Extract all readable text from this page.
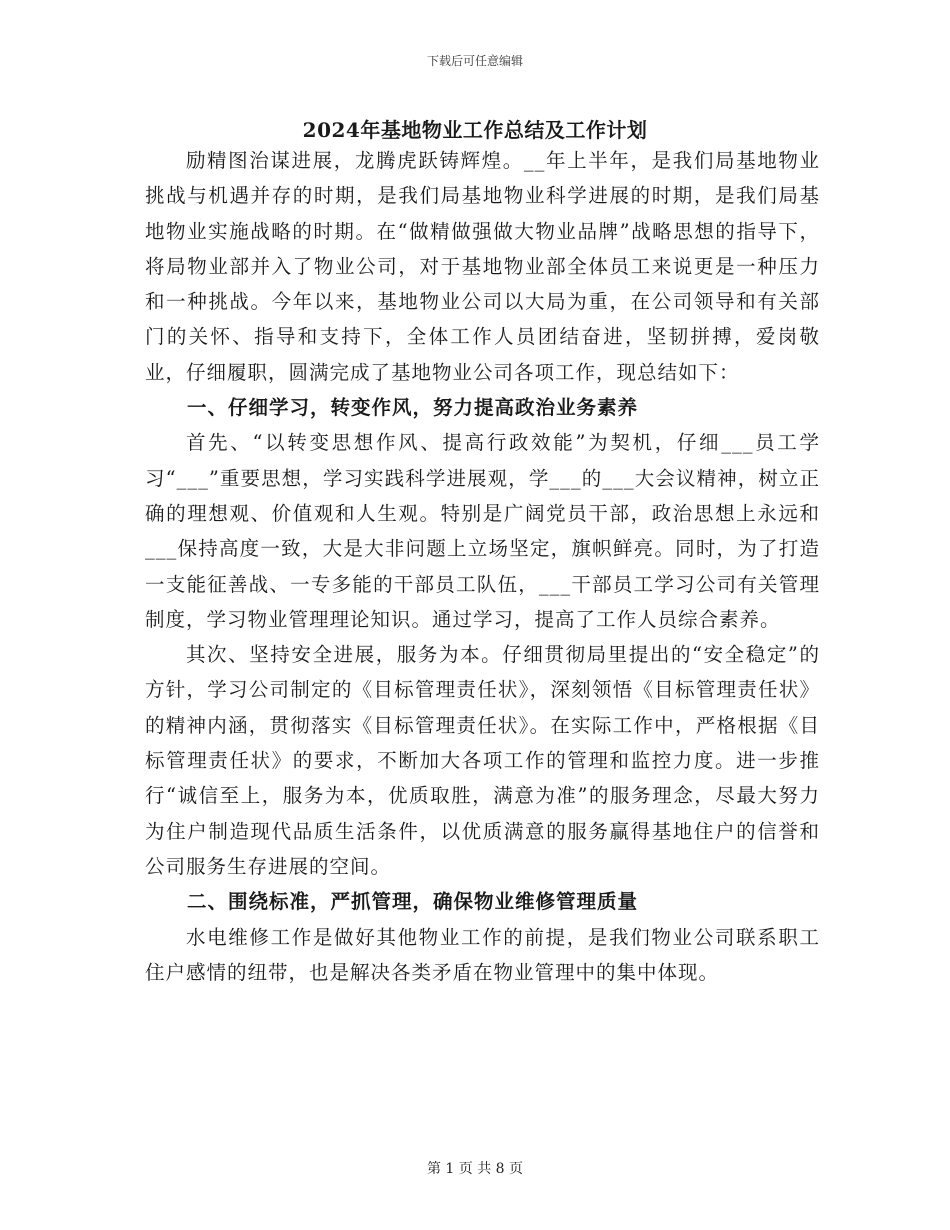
下载后可任意编辑
2024年基地物业工作总结及工作计划

励精图治谋进展，龙腾虎跃铸辉煌。__年上半年，是我们局基地物业挑战与机遇并存的时期，是我们局基地物业科学进展的时期，是我们局基地物业实施战略的时期。在“做精做强做大物业品牌”战略思想的指导下，将局物业部并入了物业公司，对于基地物业部全体员工来说更是一种压力和一种挑战。今年以来，基地物业公司以大局为重，在公司领导和有关部门的关怀、指导和支持下，全体工作人员团结奋进，坚韧拼搏，爱岗敬业，仔细履职，圆满完成了基地物业公司各项工作，现总结如下：

一、仔细学习，转变作风，努力提高政治业务素养

首先、“以转变思想作风、提高行政效能”为契机，仔细___员工学习“___”重要思想，学习实践科学进展观，学___的___大会议精神，树立正确的理想观、价值观和人生观。特别是广阔党员干部，政治思想上永远和___保持高度一致，大是大非问题上立场坚定，旗帜鲜亮。同时，为了打造一支能征善战、一专多能的干部员工队伍，___干部员工学习公司有关管理制度，学习物业管理理论知识。通过学习，提高了工作人员综合素养。

其次、坚持安全进展，服务为本。仔细贯彻局里提出的“安全稳定”的方针，学习公司制定的《目标管理责任状》，深刻领悟《目标管理责任状》的精神内涵，贯彻落实《目标管理责任状》。在实际工作中，严格根据《目标管理责任状》的要求，不断加大各项工作的管理和监控力度。进一步推行“诚信至上，服务为本，优质取胜，满意为准”的服务理念，尽最大努力为住户制造现代品质生活条件，以优质满意的服务赢得基地住户的信誉和公司服务生存进展的空间。

二、围绕标准，严抓管理，确保物业维修管理质量

水电维修工作是做好其他物业工作的前提，是我们物业公司联系职工住户感情的纽带，也是解决各类矛盾在物业管理中的集中体现。

第 1 页 共 8 页
